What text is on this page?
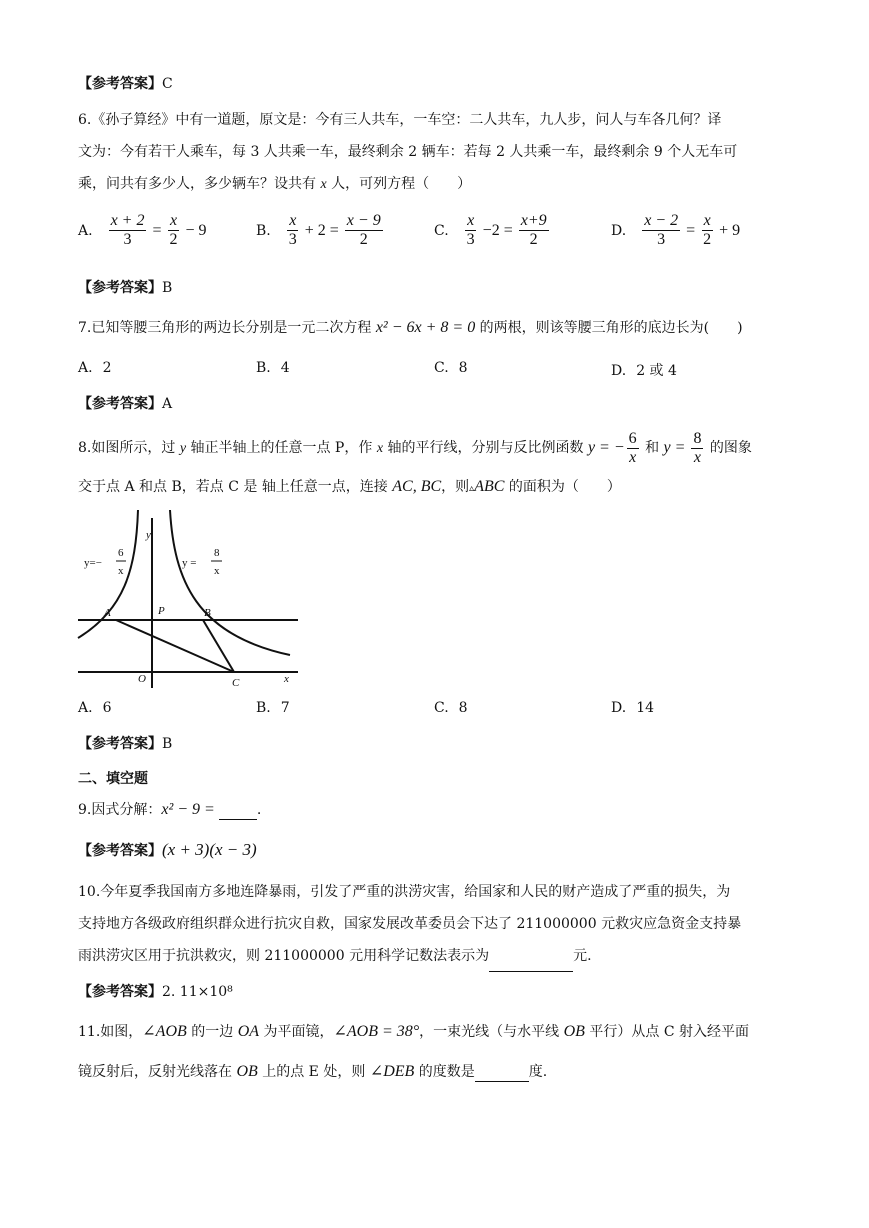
【参考答案】C
6.《孙子算经》中有一道题，原文是：今有三人共车，一车空：二人共车，九人步，问人与车各几何？译
文为：今有若干人乘车，每 3 人共乘一车，最终剩余 2 辆车：若每 2 人共乘一车，最终剩余 9 个人无车可
乘，问共有多少人，多少辆车？设共有 x 人，可列方程（　　）
A. $\frac{x + 2}{3} = \frac{x}{2} - 9$	B. $\frac{x}{3} + 2 = \frac{x - 9}{2}$	C. $\frac{x}{3} -2 = \frac{x+9}{2}$	D. $\frac{x - 2}{3} = \frac{x}{2} + 9$
【参考答案】B
7.已知等腰三角形的两边长分别是一元二次方程 x² − 6x + 8 = 0 的两根，则该等腰三角形的底边长为(　　)
A. 2	B. 4	C. 8	D. 2 或 4
【参考答案】A
8.如图所示，过 y 轴正半轴上的任意一点 P，作 x 轴的平行线，分别与反比例函数 y = − $\frac{6}{x}$ 和 $y = \frac{8}{x}$ 的图象
交于点 A 和点 B，若点 C 是 轴上任意一点，连接 AC, BC，则▵ABC 的面积为（　　）
y=−
6
x
y =
8
x
y
x
O
P
A	B
C
A. 6	B. 7	C. 8	D. 14
【参考答案】B
二、填空题
9.因式分解：x² − 9 =	.
【参考答案】(x + 3)(x − 3)
10.今年夏季我国南方多地连降暴雨，引发了严重的洪涝灾害，给国家和人民的财产造成了严重的损失，为
支持地方各级政府组织群众进行抗灾自救，国家发展改革委员会下达了 211000000 元救灾应急资金支持暴
雨洪涝灾区用于抗洪救灾，则 211000000 元用科学记数法表示为	元.
【参考答案】2. 11×10⁸
11.如图，∠AOB 的一边 OA 为平面镜，∠AOB = 38°，一束光线（与水平线 OB 平行）从点 C 射入经平面
镜反射后，反射光线落在 OB 上的点 E 处，则 ∠DEB 的度数是	度.
